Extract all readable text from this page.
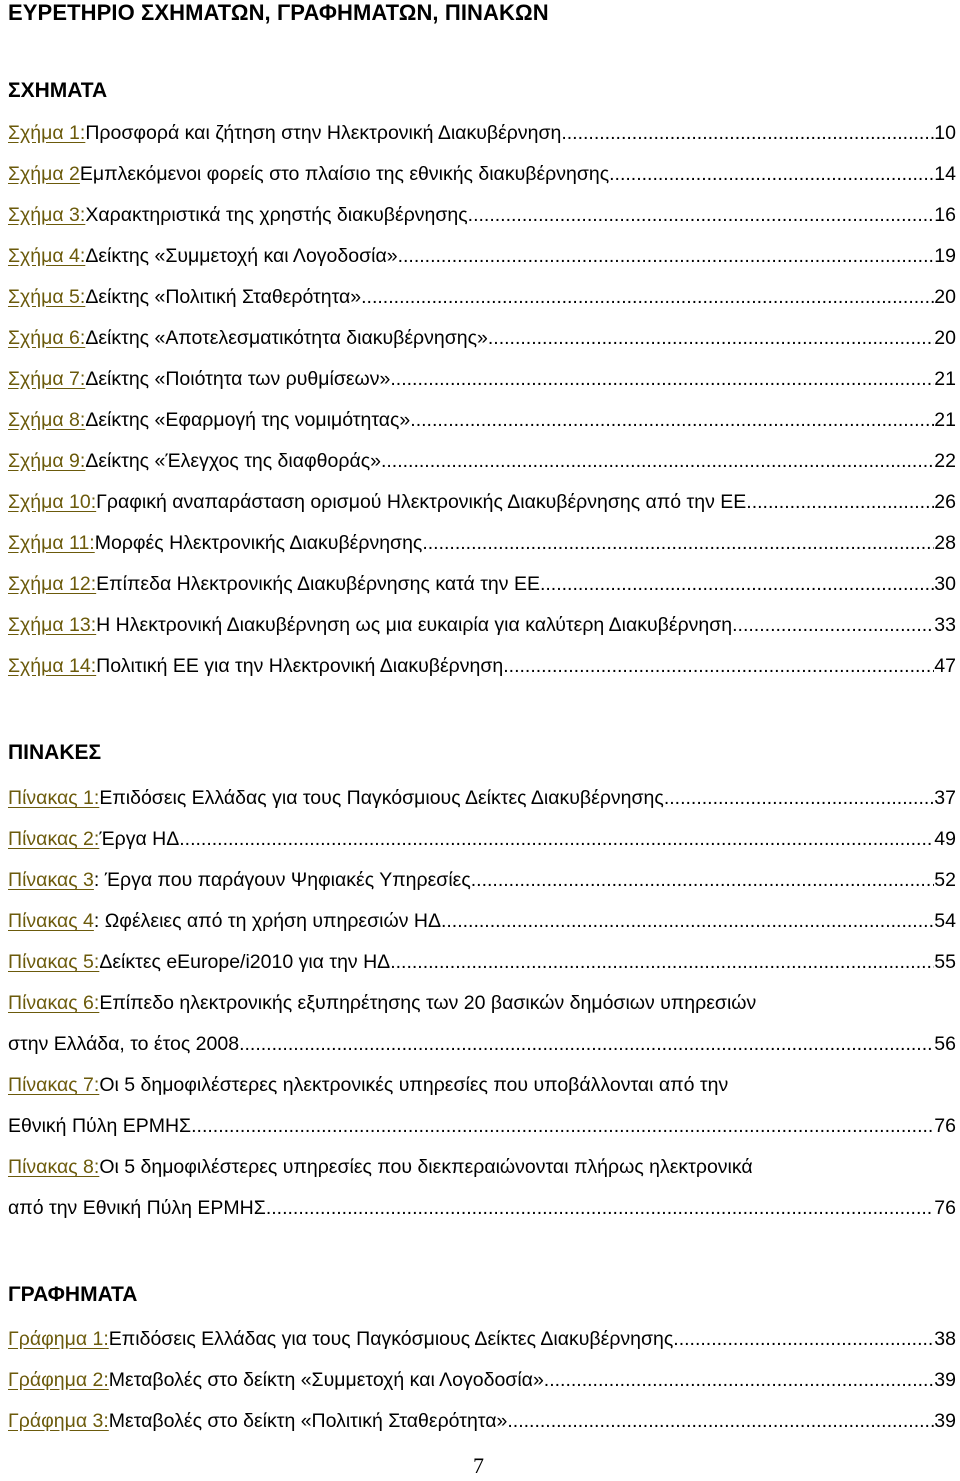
ΕΥΡΕΤΗΡΙΟ ΣΧΗΜΑΤΩΝ, ΓΡΑΦΗΜΑΤΩΝ, ΠΙΝΑΚΩΝ
ΣΧΗΜΑΤΑ
Σχήμα 1: Προσφορά και ζήτηση στην Ηλεκτρονική Διακυβέρνηση .....	10
Σχήμα 2 Εμπλεκόμενοι φορείς στο πλαίσιο της εθνικής διακυβέρνησης .....	14
Σχήμα 3: Χαρακτηριστικά της χρηστής διακυβέρνησης .....	16
Σχήμα 4: Δείκτης «Συμμετοχή και Λογοδοσία» .....	19
Σχήμα 5: Δείκτης «Πολιτική Σταθερότητα» .....	20
Σχήμα 6: Δείκτης «Αποτελεσματικότητα διακυβέρνησης» .....	20
Σχήμα 7: Δείκτης «Ποιότητα των ρυθμίσεων» .....	21
Σχήμα 8: Δείκτης «Εφαρμογή της νομιμότητας» .....	21
Σχήμα 9: Δείκτης «Έλεγχος της διαφθοράς» .....	22
Σχήμα 10: Γραφική αναπαράσταση ορισμού Ηλεκτρονικής Διακυβέρνησης από την ΕΕ .....	26
Σχήμα 11: Μορφές Ηλεκτρονικής Διακυβέρνησης .....	28
Σχήμα 12: Επίπεδα Ηλεκτρονικής Διακυβέρνησης κατά την ΕΕ .....	30
Σχήμα 13: Η Ηλεκτρονική Διακυβέρνηση ως μια ευκαιρία για καλύτερη Διακυβέρνηση .....	33
Σχήμα 14: Πολιτική ΕΕ για την Ηλεκτρονική Διακυβέρνηση .....	47
ΠΙΝΑΚΕΣ
Πίνακας 1: Επιδόσεις Ελλάδας για τους Παγκόσμιους Δείκτες Διακυβέρνησης .....	37
Πίνακας 2: Έργα ΗΔ .....	49
Πίνακας 3 : Έργα που παράγουν Ψηφιακές Υπηρεσίες .....	52
Πίνακας 4 : Ωφέλειες από τη χρήση υπηρεσιών ΗΔ .....	54
Πίνακας 5: Δείκτες eEurope/i2010 για την ΗΔ .....	55
Πίνακας 6: Επίπεδο ηλεκτρονικής εξυπηρέτησης των 20 βασικών δημόσιων υπηρεσιών
στην Ελλάδα, το έτος 2008 .....	56
Πίνακας 7: Οι 5 δημοφιλέστερες ηλεκτρονικές υπηρεσίες που υποβάλλονται από την
Εθνική Πύλη ΕΡΜΗΣ .....	76
Πίνακας 8: Οι 5 δημοφιλέστερες υπηρεσίες που διεκπεραιώνονται πλήρως ηλεκτρονικά
από την Εθνική Πύλη ΕΡΜΗΣ .....	76
ΓΡΑΦΗΜΑΤΑ
Γράφημα 1: Επιδόσεις Ελλάδας για τους Παγκόσμιους Δείκτες Διακυβέρνησης .....	38
Γράφημα 2: Μεταβολές στο δείκτη «Συμμετοχή και Λογοδοσία» .....	39
Γράφημα 3: Μεταβολές στο δείκτη «Πολιτική Σταθερότητα» .....	39
7
